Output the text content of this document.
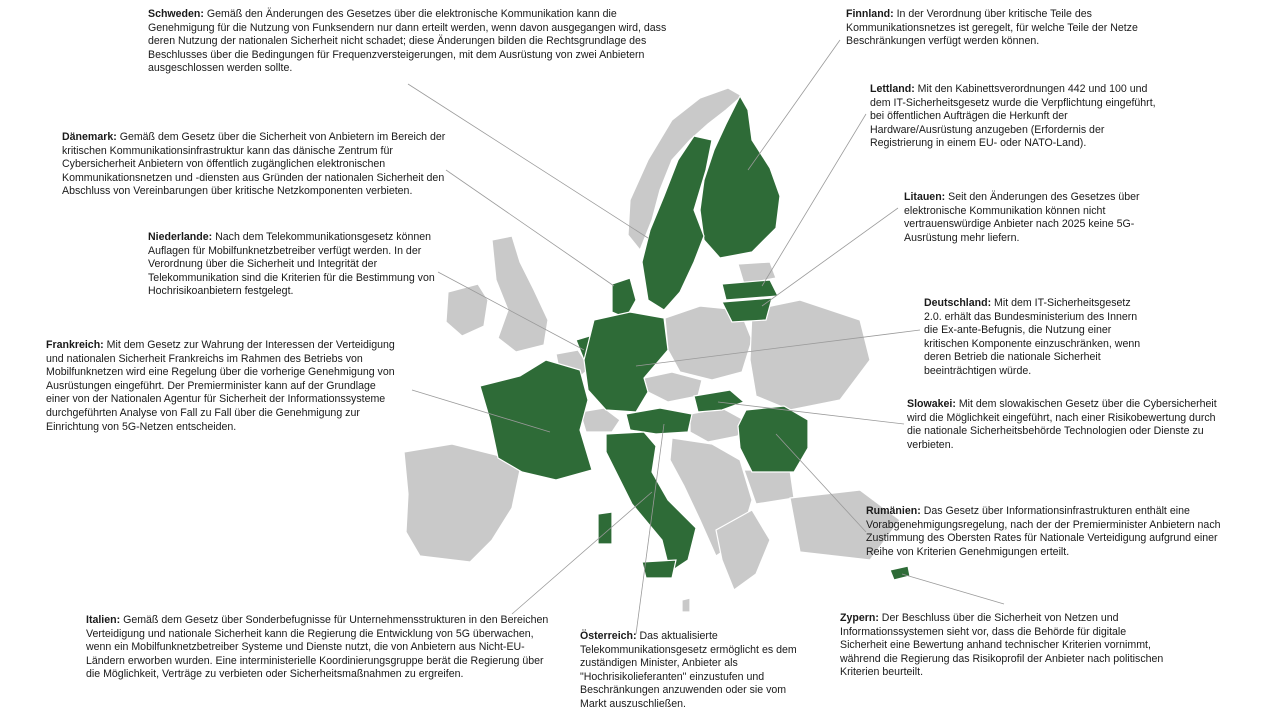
Schweden: Gemäß den Änderungen des Gesetzes über die elektronische Kommunikation kann die Genehmigung für die Nutzung von Funksendern nur dann erteilt werden, wenn davon ausgegangen wird, dass deren Nutzung der nationalen Sicherheit nicht schadet; diese Änderungen bilden die Rechtsgrundlage des Beschlusses über die Bedingungen für Frequenzversteigerungen, mit dem Ausrüstung von zwei Anbietern ausgeschlossen werden sollte.

Dänemark: Gemäß dem Gesetz über die Sicherheit von Anbietern im Bereich der kritischen Kommunikationsinfrastruktur kann das dänische Zentrum für Cybersicherheit Anbietern von öffentlich zugänglichen elektronischen Kommunikationsnetzen und -diensten aus Gründen der nationalen Sicherheit den Abschluss von Vereinbarungen über kritische Netzkomponenten verbieten.

Niederlande: Nach dem Telekommunikationsgesetz können Auflagen für Mobilfunknetzbetreiber verfügt werden. In der Verordnung über die Sicherheit und Integrität der Telekommunikation sind die Kriterien für die Bestimmung von Hochrisikoanbietern festgelegt.

Frankreich: Mit dem Gesetz zur Wahrung der Interessen der Verteidigung und nationalen Sicherheit Frankreichs im Rahmen des Betriebs von Mobilfunknetzen wird eine Regelung über die vorherige Genehmigung von Ausrüstungen eingeführt. Der Premierminister kann auf der Grundlage einer von der Nationalen Agentur für Sicherheit der Informationssysteme durchgeführten Analyse von Fall zu Fall über die Genehmigung zur Einrichtung von 5G-Netzen entscheiden.

Italien: Gemäß dem Gesetz über Sonderbefugnisse für Unternehmensstrukturen in den Bereichen Verteidigung und nationale Sicherheit kann die Regierung die Entwicklung von 5G überwachen, wenn ein Mobilfunknetzbetreiber Systeme und Dienste nutzt, die von Anbietern aus Nicht-EU-Ländern erworben wurden. Eine interministerielle Koordinierungsgruppe berät die Regierung über die Möglichkeit, Verträge zu verbieten oder Sicherheitsmaßnahmen zu ergreifen.

Österreich: Das aktualisierte Telekommunikationsgesetz ermöglicht es dem zuständigen Minister, Anbieter als "Hochrisikolieferanten" einzustufen und Beschränkungen anzuwenden oder sie vom Markt auszuschließen.

Finnland: In der Verordnung über kritische Teile des Kommunikationsnetzes ist geregelt, für welche Teile der Netze Beschränkungen verfügt werden können.

Lettland: Mit den Kabinettsverordnungen 442 und 100 und dem IT-Sicherheitsgesetz wurde die Verpflichtung eingeführt, bei öffentlichen Aufträgen die Herkunft der Hardware/Ausrüstung anzugeben (Erfordernis der Registrierung in einem EU- oder NATO-Land).

Litauen: Seit den Änderungen des Gesetzes über elektronische Kommunikation können nicht vertrauenswürdige Anbieter nach 2025 keine 5G-Ausrüstung mehr liefern.

Deutschland: Mit dem IT-Sicherheitsgesetz 2.0. erhält das Bundesministerium des Innern die Ex-ante-Befugnis, die Nutzung einer kritischen Komponente einzuschränken, wenn deren Betrieb die nationale Sicherheit beeinträchtigen würde.

Slowakei: Mit dem slowakischen Gesetz über die Cybersicherheit wird die Möglichkeit eingeführt, nach einer Risikobewertung durch die nationale Sicherheitsbehörde Technologien oder Dienste zu verbieten.

Rumänien: Das Gesetz über Informationsinfrastrukturen enthält eine Vorabgenehmigungsregelung, nach der der Premierminister Anbietern nach Zustimmung des Obersten Rates für Nationale Verteidigung aufgrund einer Reihe von Kriterien Genehmigungen erteilt.

Zypern: Der Beschluss über die Sicherheit von Netzen und Informationssystemen sieht vor, dass die Behörde für digitale Sicherheit eine Bewertung anhand technischer Kriterien vornimmt, während die Regierung das Risikoprofil der Anbieter nach politischen Kriterien beurteilt.
